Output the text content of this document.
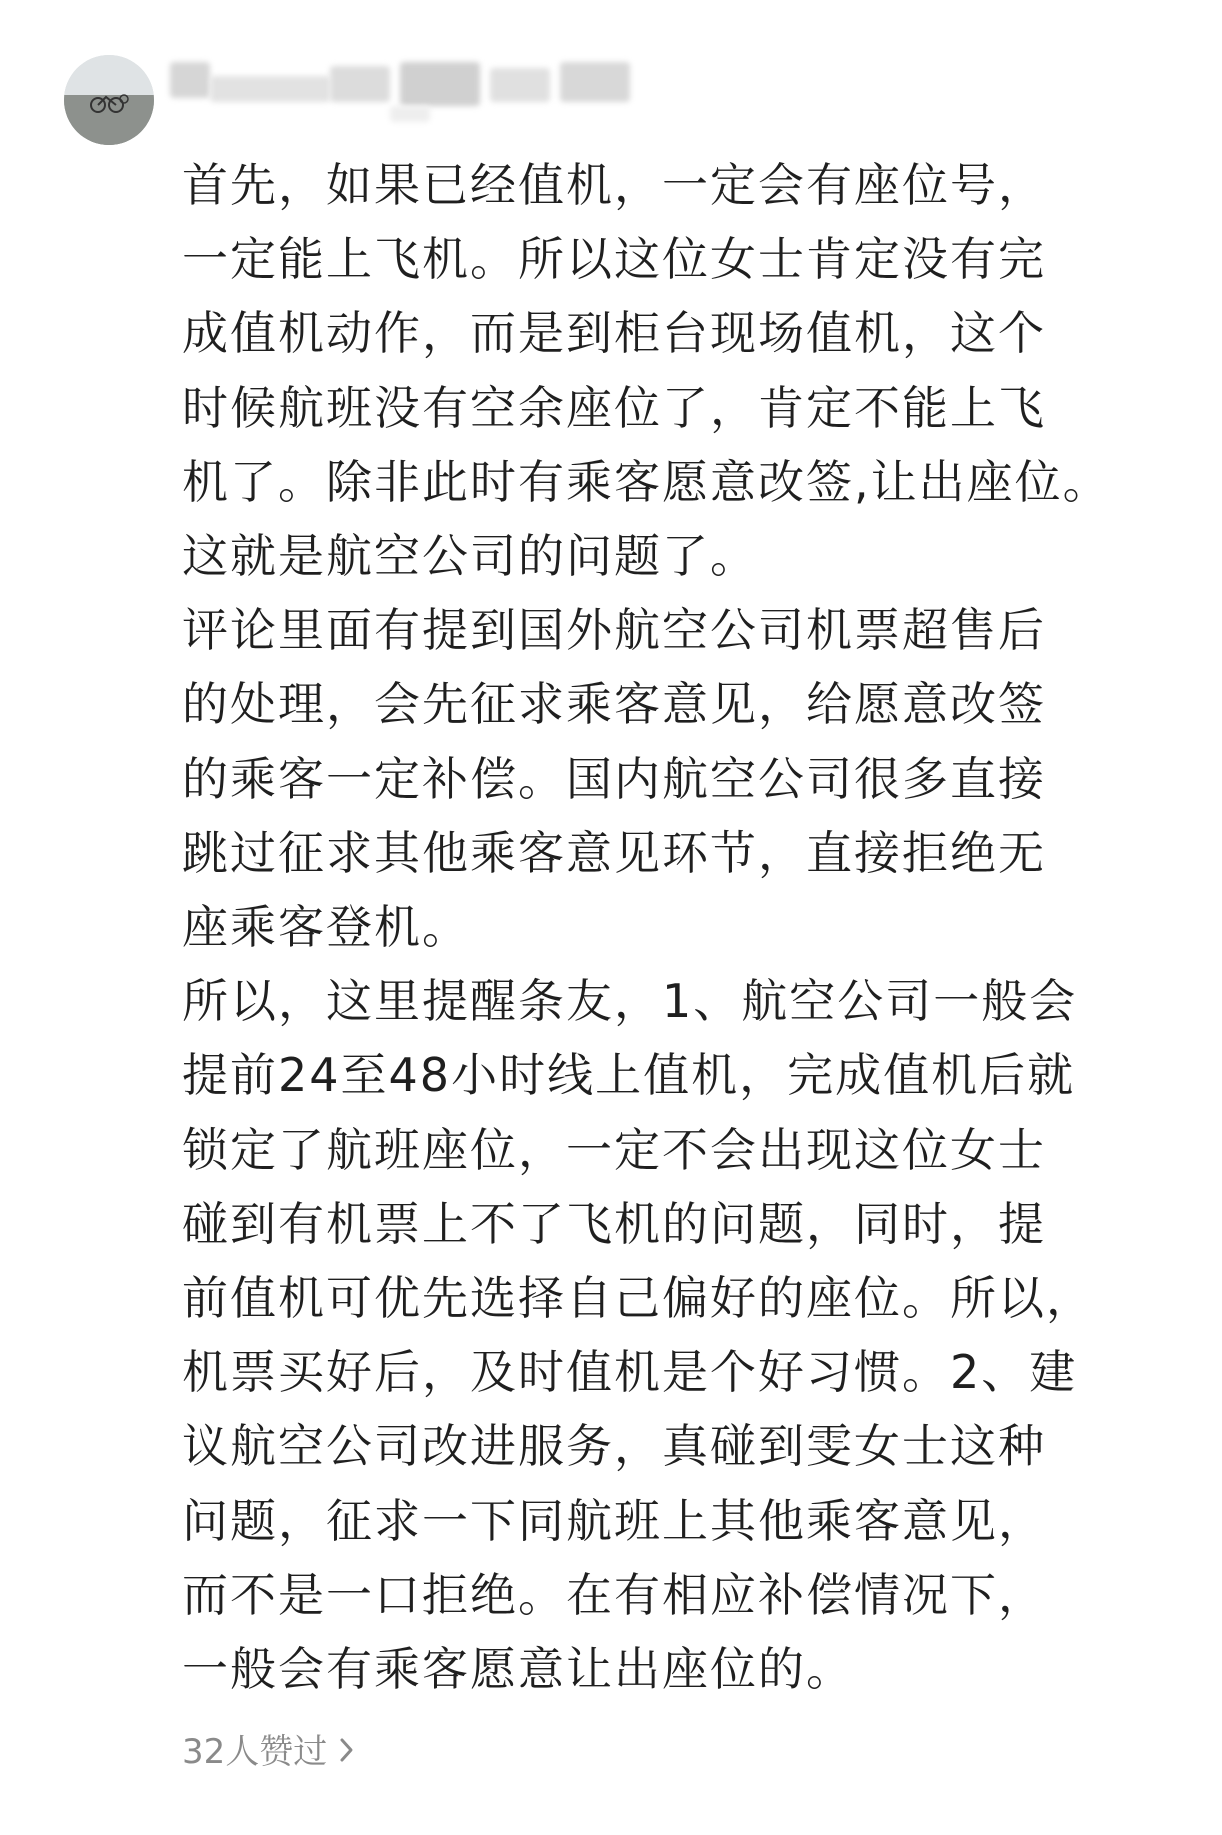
首先，如果已经值机，一定会有座位号，
一定能上飞机。所以这位女士肯定没有完
成值机动作，而是到柜台现场值机，这个
时候航班没有空余座位了，肯定不能上飞
机了。除非此时有乘客愿意改签,让出座位。
这就是航空公司的问题了。
评论里面有提到国外航空公司机票超售后
的处理，会先征求乘客意见，给愿意改签
的乘客一定补偿。国内航空公司很多直接
跳过征求其他乘客意见环节，直接拒绝无
座乘客登机。
所以，这里提醒条友，1、航空公司一般会
提前24至48小时线上值机，完成值机后就
锁定了航班座位，一定不会出现这位女士
碰到有机票上不了飞机的问题，同时，提
前值机可优先选择自己偏好的座位。所以，
机票买好后，及时值机是个好习惯。2、建
议航空公司改进服务，真碰到雯女士这种
问题，征求一下同航班上其他乘客意见，
而不是一口拒绝。在有相应补偿情况下，
一般会有乘客愿意让出座位的。
32人赞过
